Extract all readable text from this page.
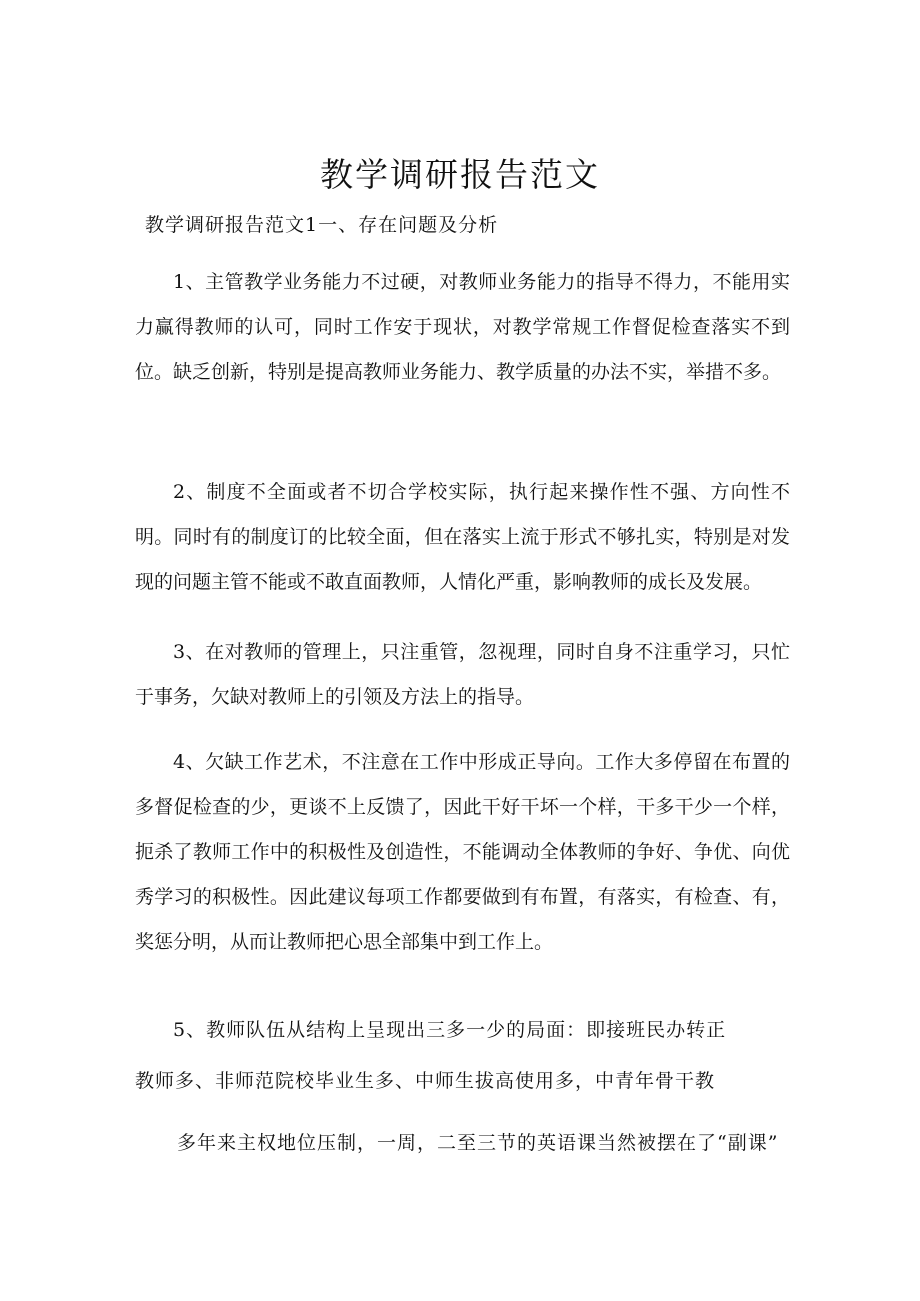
教学调研报告范文

教学调研报告范文1一、存在问题及分析

1、主管教学业务能力不过硬，对教师业务能力的指导不得力，不能用实力赢得教师的认可，同时工作安于现状，对教学常规工作督促检查落实不到位。缺乏创新，特别是提高教师业务能力、教学质量的办法不实，举措不多。

2、制度不全面或者不切合学校实际，执行起来操作性不强、方向性不明。同时有的制度订的比较全面，但在落实上流于形式不够扎实，特别是对发现的问题主管不能或不敢直面教师，人情化严重，影响教师的成长及发展。

3、在对教师的管理上，只注重管，忽视理，同时自身不注重学习，只忙于事务，欠缺对教师上的引领及方法上的指导。

4、欠缺工作艺术，不注意在工作中形成正导向。工作大多停留在布置的多督促检查的少，更谈不上反馈了，因此干好干坏一个样，干多干少一个样，扼杀了教师工作中的积极性及创造性，不能调动全体教师的争好、争优、向优秀学习的积极性。因此建议每项工作都要做到有布置，有落实，有检查、有，奖惩分明，从而让教师把心思全部集中到工作上。

5、教师队伍从结构上呈现出三多一少的局面：即接班民办转正

教师多、非师范院校毕业生多、中师生拔高使用多，中青年骨干教

多年来主权地位压制，一周，二至三节的英语课当然被摆在了“副课”
